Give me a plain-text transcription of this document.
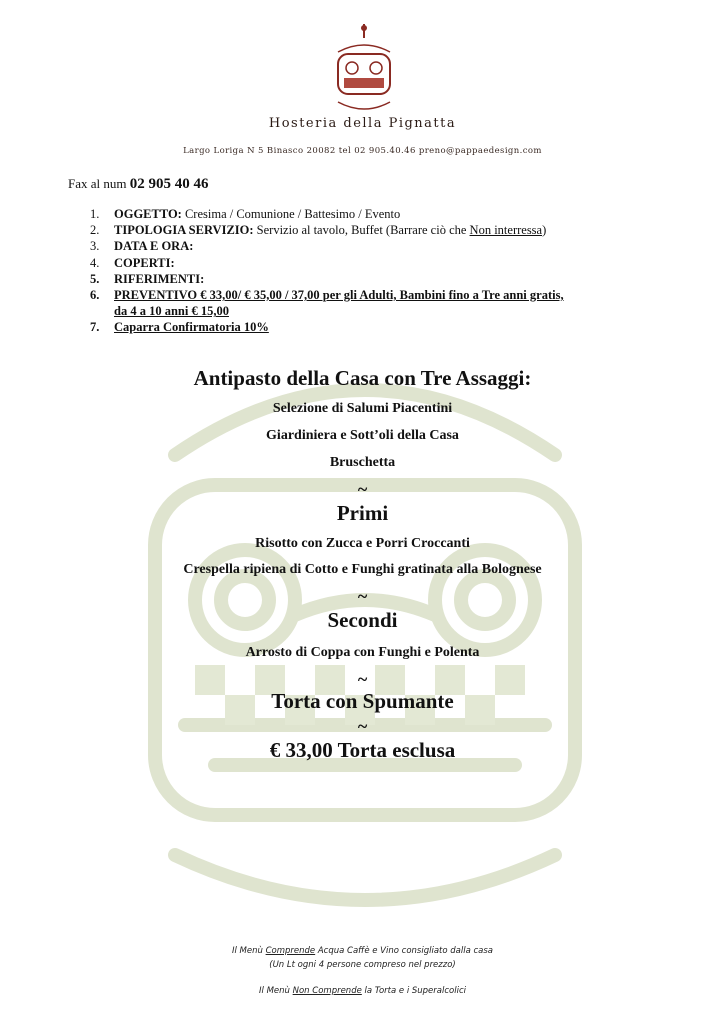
Hosteria della Pignatta
Largo Loriga N 5 Binasco 20082 tel 02 905.40.46 preno@pappaedesign.com
Fax al num 02 905 40 46
1. OGGETTO: Cresima / Comunione / Battesimo / Evento
2. TIPOLOGIA SERVIZIO: Servizio al tavolo, Buffet (Barrare ciò che Non interressa)
3. DATA E ORA:
4. COPERTI:
5. RIFERIMENTI:
6. PREVENTIVO € 33,00/ € 35,00 / 37,00 per gli Adulti, Bambini fino a Tre anni gratis,
da 4 a 10 anni € 15,00
7. Caparra Confirmatoria 10%
Antipasto della Casa con Tre Assaggi:
Selezione di Salumi Piacentini
Giardiniera e Sott’oli della Casa
Bruschetta
~
Primi
Risotto con Zucca e Porri Croccanti
Crespella ripiena di Cotto e Funghi gratinata alla Bolognese
~
Secondi
Arrosto di Coppa con Funghi e Polenta
~
Torta con Spumante
~
€ 33,00 Torta esclusa
Il Menù Comprende Acqua Caffè e Vino consigliato dalla casa
(Un Lt ogni 4 persone compreso nel prezzo)
Il Menù Non Comprende la Torta e i Superalcolici
